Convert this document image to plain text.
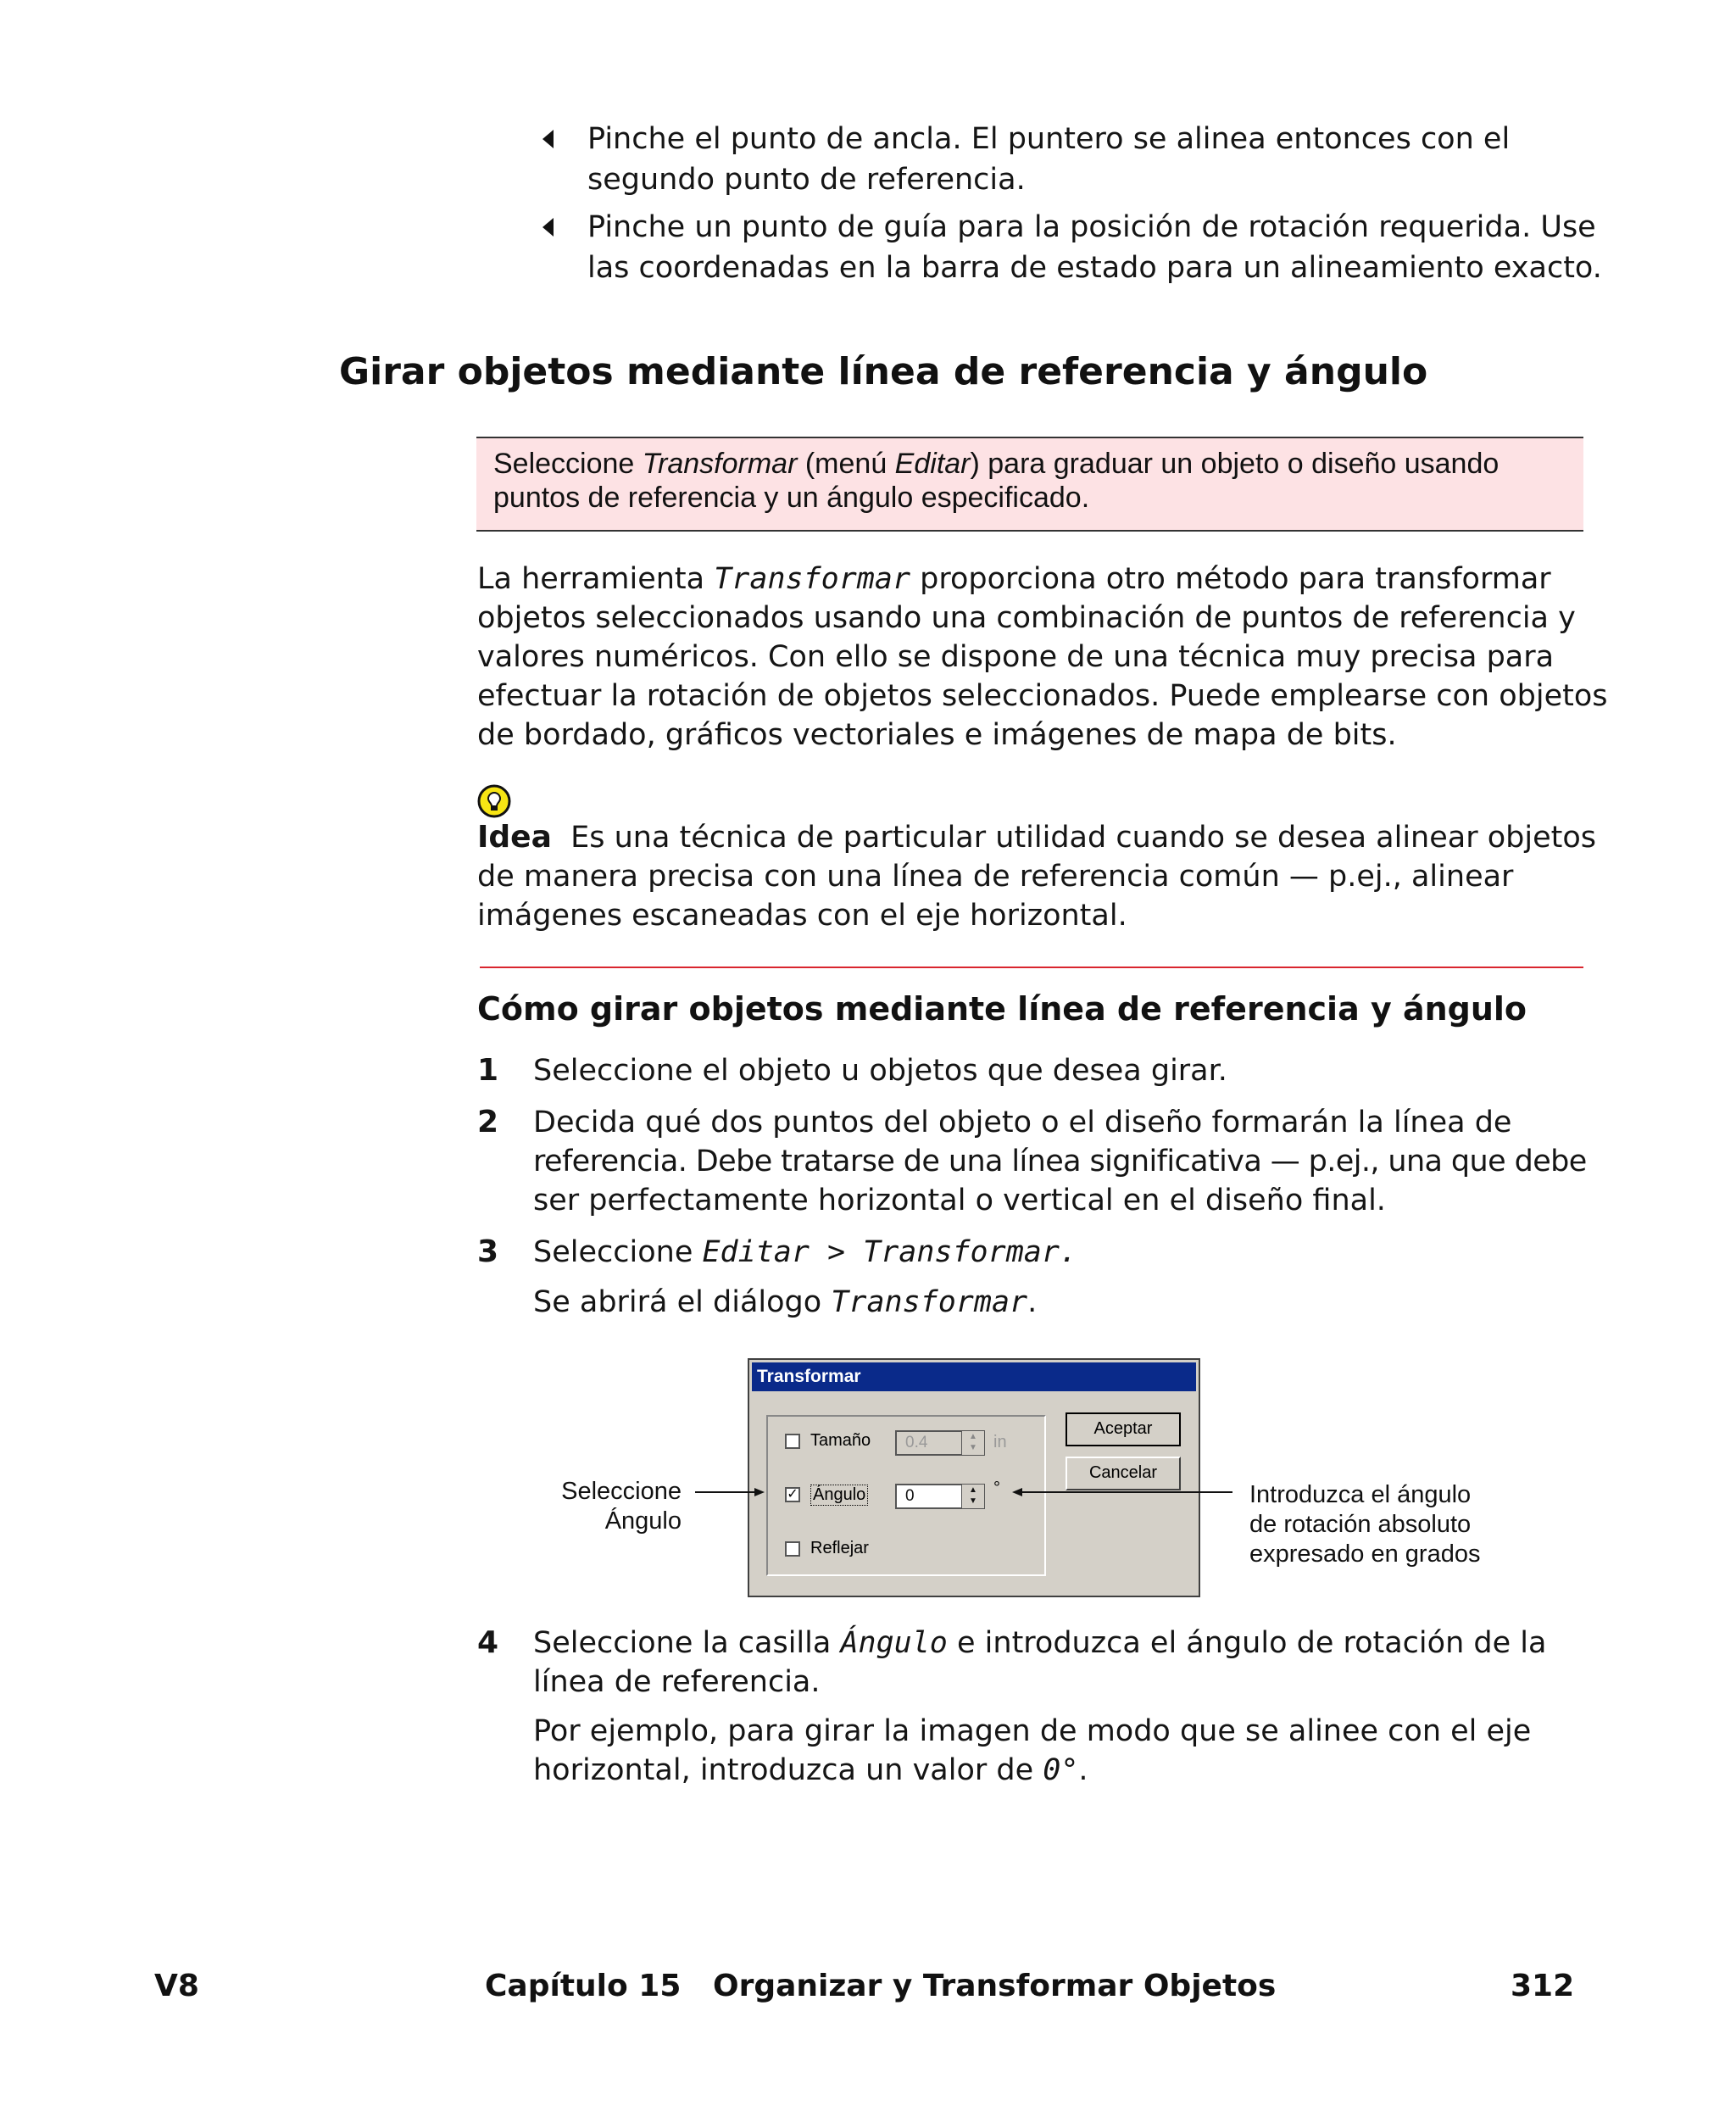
Pinche el punto de ancla. El puntero se alinea entonces con el
segundo punto de referencia.
Pinche un punto de guía para la posición de rotación requerida. Use
las coordenadas en la barra de estado para un alineamiento exacto.
Girar objetos mediante línea de referencia y ángulo
Seleccione Transformar (menú Editar) para graduar un objeto o diseño usando
puntos de referencia y un ángulo especificado.
La herramienta Transformar proporciona otro método para transformar
objetos seleccionados usando una combinación de puntos de referencia y
valores numéricos. Con ello se dispone de una técnica muy precisa para
efectuar la rotación de objetos seleccionados. Puede emplearse con objetos
de bordado, gráficos vectoriales e imágenes de mapa de bits.
Idea Es una técnica de particular utilidad cuando se desea alinear objetos
de manera precisa con una línea de referencia común — p.ej., alinear
imágenes escaneadas con el eje horizontal.
Cómo girar objetos mediante línea de referencia y ángulo
1 Seleccione el objeto u objetos que desea girar.
2 Decida qué dos puntos del objeto o el diseño formarán la línea de
referencia. Debe tratarse de una línea significativa — p.ej., una que debe
ser perfectamente horizontal o vertical en el diseño final.
3 Seleccione Editar > Transformar.
Se abrirá el diálogo Transformar.
Transformar
Tamaño	0.4	▲
▼ in
✓ Ángulo	0	▲
▼
°
Reflejar
Aceptar
Cancelar
Seleccione
Ángulo
Introduzca el ángulo
de rotación absoluto
expresado en grados
4 Seleccione la casilla Ángulo e introduzca el ángulo de rotación de la
línea de referencia.
Por ejemplo, para girar la imagen de modo que se alinee con el eje
horizontal, introduzca un valor de 0°.
V8	Capítulo 15   Organizar y Transformar Objetos	312
